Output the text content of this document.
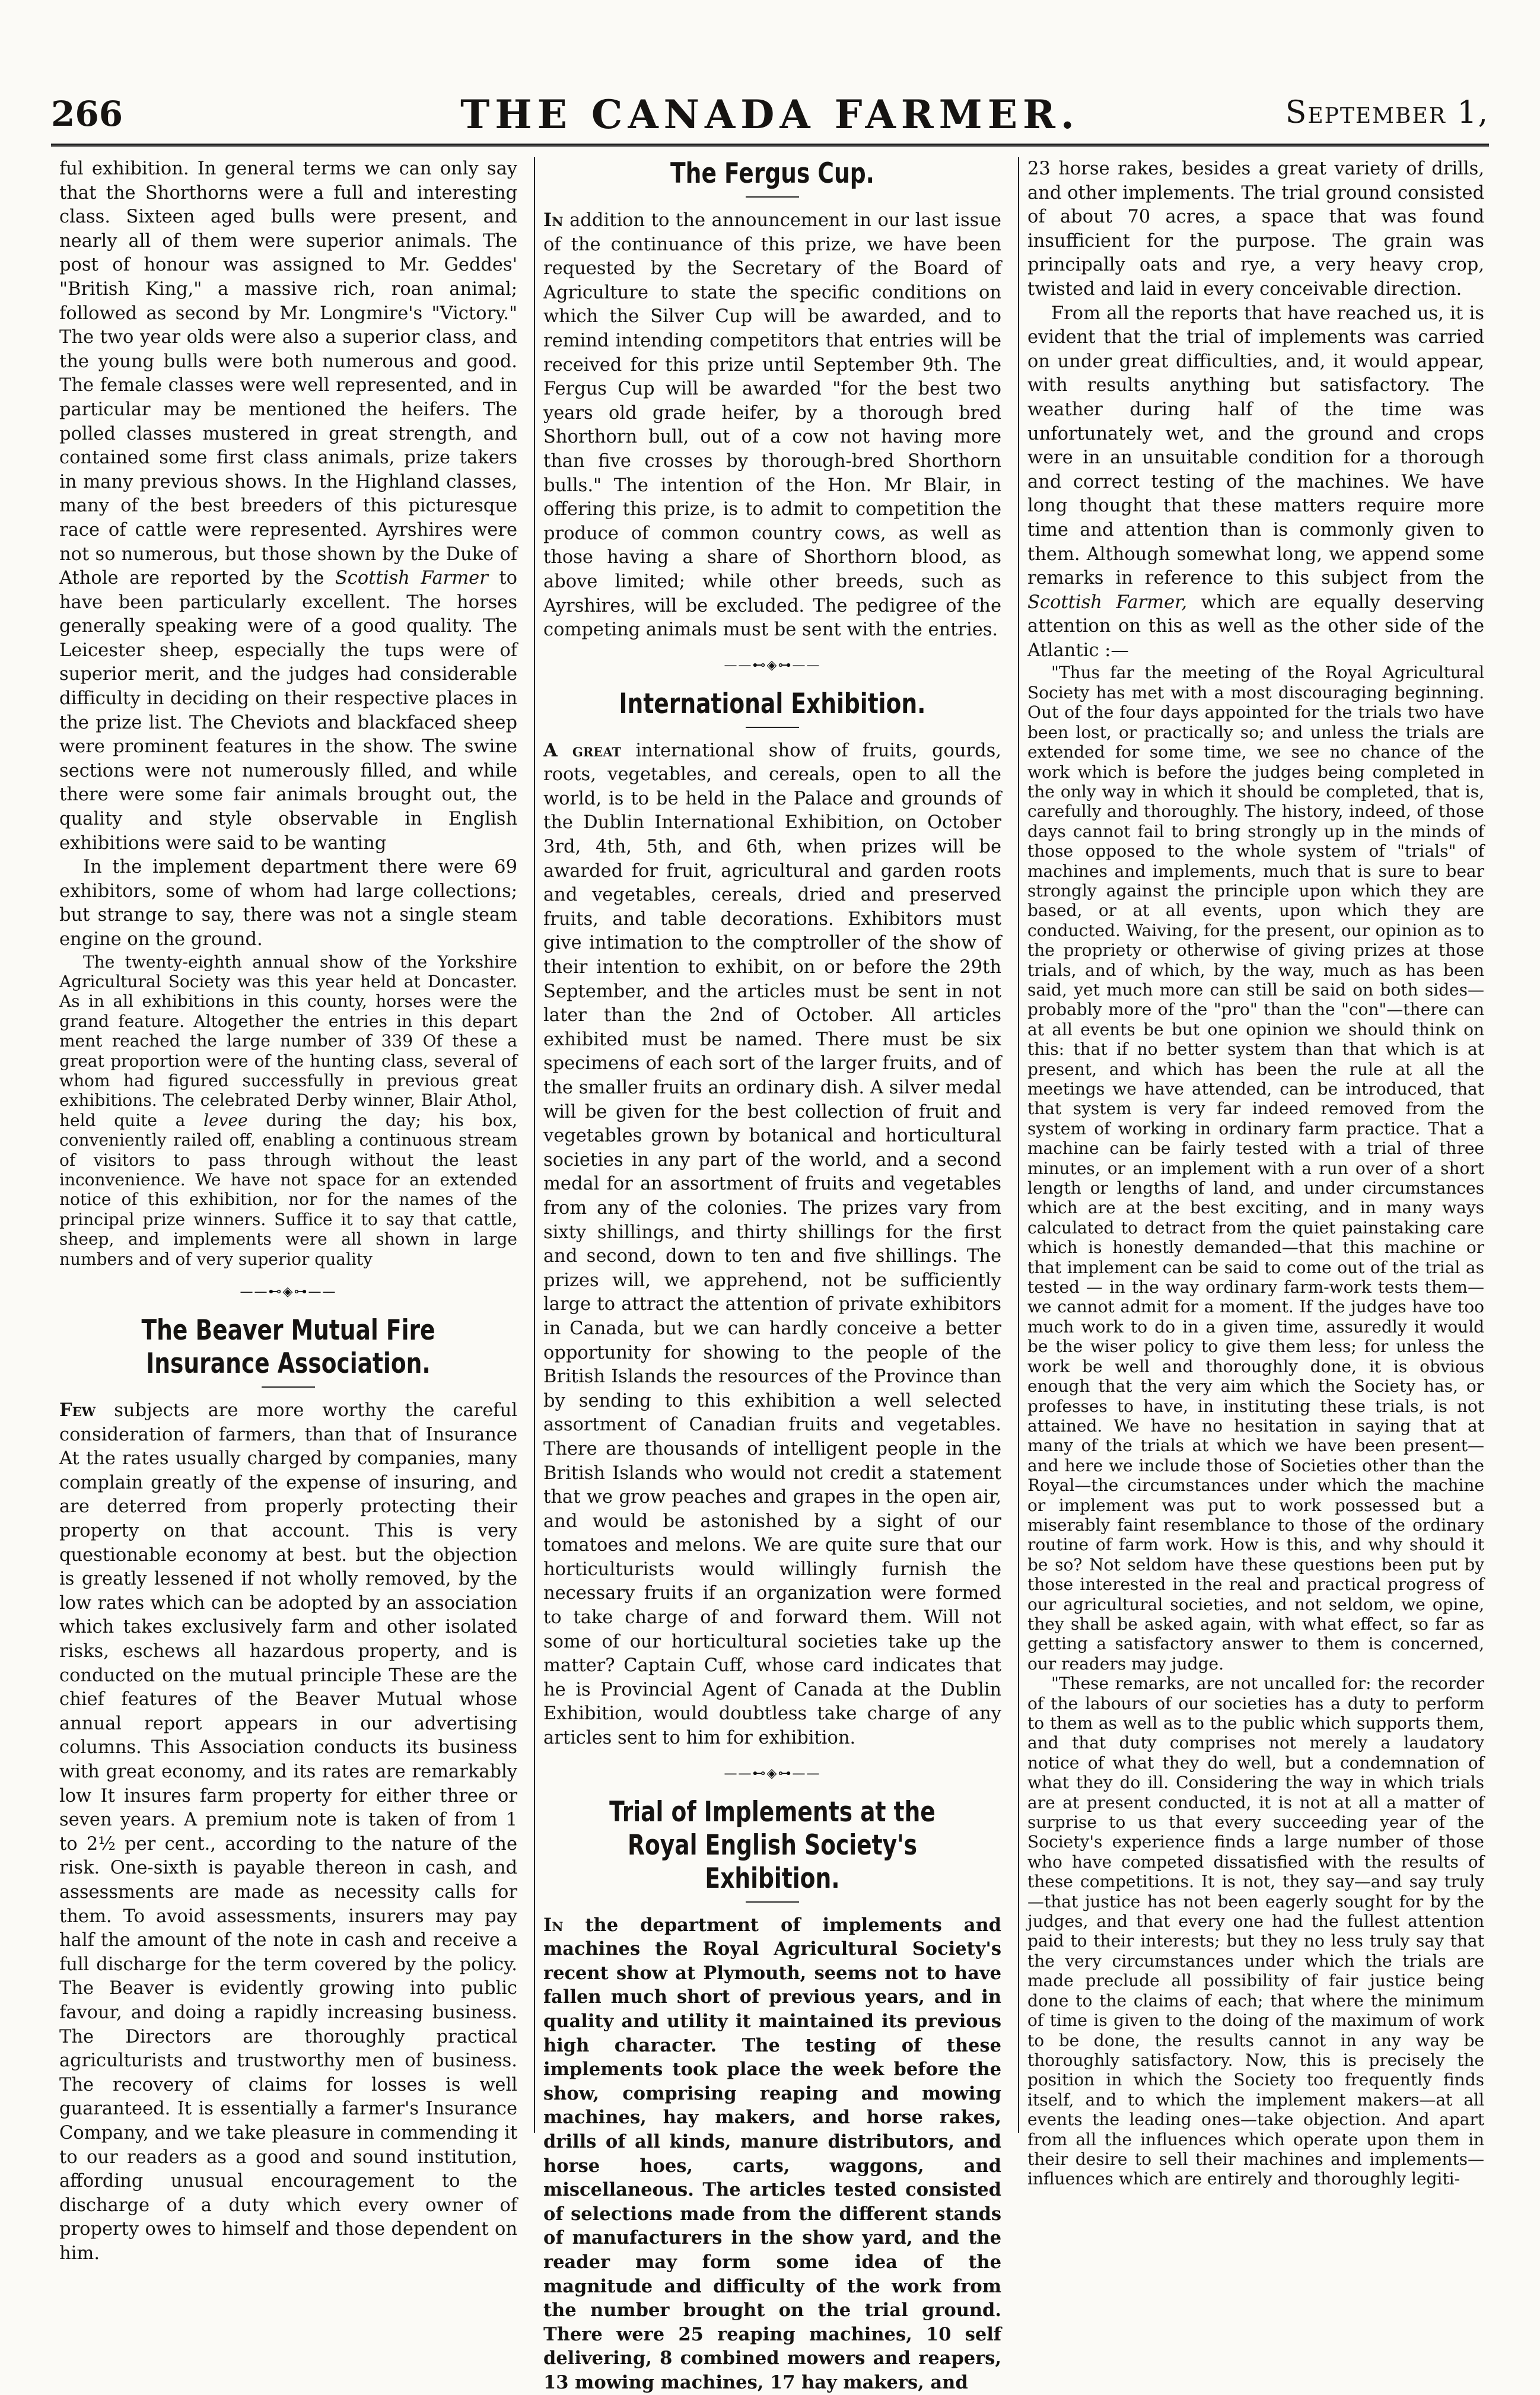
266	THE CANADA FARMER.	September 1,

ful exhibition. In general terms we can only say that the Shorthorns were a full and interesting class. Sixteen aged bulls were present, and nearly all of them were superior animals. The post of honour was assigned to Mr. Geddes' "British King," a massive rich, roan animal; followed as second by Mr. Longmire's "Victory." The two year olds were also a superior class, and the young bulls were both numerous and good. The female classes were well represented, and in particular may be mentioned the heifers. The polled classes mustered in great strength, and contained some first class animals, prize takers in many previous shows. In the Highland classes, many of the best breeders of this picturesque race of cattle were represented. Ayrshires were not so numerous, but those shown by the Duke of Athole are reported by the Scottish Farmer to have been particularly excellent. The horses generally speaking were of a good quality. The Leicester sheep, especially the tups were of superior merit, and the judges had considerable difficulty in deciding on their respective places in the prize list. The Cheviots and blackfaced sheep were prominent features in the show. The swine sections were not numerously filled, and while there were some fair animals brought out, the quality and style observable in English exhibitions were said to be wanting

In the implement department there were 69 exhibitors, some of whom had large collections; but strange to say, there was not a single steam engine on the ground.

The twenty-eighth annual show of the Yorkshire Agricultural Society was this year held at Doncaster. As in all exhibitions in this county, horses were the grand feature. Altogether the entries in this depart ment reached the large number of 339 Of these a great proportion were of the hunting class, several of whom had figured successfully in previous great exhibitions. The celebrated Derby winner, Blair Athol, held quite a levee during the day; his box, conveniently railed off, enabling a continuous stream of visitors to pass through without the least inconvenience. We have not space for an extended notice of this exhibition, nor for the names of the principal prize winners. Suffice it to say that cattle, sheep, and implements were all shown in large numbers and of very superior quality

——⊷◈⊶——
The Beaver Mutual Fire Insurance Association.

Few subjects are more worthy the careful consideration of farmers, than that of Insurance At the rates usually charged by companies, many complain greatly of the expense of insuring, and are deterred from properly protecting their property on that account. This is very questionable economy at best. but the objection is greatly lessened if not wholly removed, by the low rates which can be adopted by an association which takes exclusively farm and other isolated risks, eschews all hazardous property, and is conducted on the mutual principle These are the chief features of the Beaver Mutual whose annual report appears in our advertising columns. This Association conducts its business with great economy, and its rates are remarkably low It insures farm property for either three or seven years. A premium note is taken of from 1 to 2½ per cent., according to the nature of the risk. One-sixth is payable thereon in cash, and assessments are made as necessity calls for them. To avoid assessments, insurers may pay half the amount of the note in cash and receive a full discharge for the term covered by the policy. The Beaver is evidently growing into public favour, and doing a rapidly increasing business. The Directors are thoroughly practical agriculturists and trustworthy men of business. The recovery of claims for losses is well guaranteed. It is essentially a farmer's Insurance Company, and we take pleasure in commending it to our readers as a good and sound institution, affording unusual encouragement to the discharge of a duty which every owner of property owes to himself and those dependent on him.

The Fergus Cup.

In addition to the announcement in our last issue of the continuance of this prize, we have been requested by the Secretary of the Board of Agriculture to state the specific conditions on which the Silver Cup will be awarded, and to remind intending competitors that entries will be received for this prize until September 9th. The Fergus Cup will be awarded "for the best two years old grade heifer, by a thorough bred Shorthorn bull, out of a cow not having more than five crosses by thorough-bred Shorthorn bulls." The intention of the Hon. Mr Blair, in offering this prize, is to admit to competition the produce of common country cows, as well as those having a share of Shorthorn blood, as above limited; while other breeds, such as Ayrshires, will be excluded. The pedigree of the competing animals must be sent with the entries.

——⊷◈⊶——
International Exhibition.

A great international show of fruits, gourds, roots, vegetables, and cereals, open to all the world, is to be held in the Palace and grounds of the Dublin International Exhibition, on October 3rd, 4th, 5th, and 6th, when prizes will be awarded for fruit, agricultural and garden roots and vegetables, cereals, dried and preserved fruits, and table decorations. Exhibitors must give intimation to the comptroller of the show of their intention to exhibit, on or before the 29th September, and the articles must be sent in not later than the 2nd of October. All articles exhibited must be named. There must be six specimens of each sort of the larger fruits, and of the smaller fruits an ordinary dish. A silver medal will be given for the best collection of fruit and vegetables grown by botanical and horticultural societies in any part of the world, and a second medal for an assortment of fruits and vegetables from any of the colonies. The prizes vary from sixty shillings, and thirty shillings for the first and second, down to ten and five shillings. The prizes will, we apprehend, not be sufficiently large to attract the attention of private exhibitors in Canada, but we can hardly conceive a better opportunity for showing to the people of the British Islands the resources of the Province than by sending to this exhibition a well selected assortment of Canadian fruits and vegetables. There are thousands of intelligent people in the British Islands who would not credit a statement that we grow peaches and grapes in the open air, and would be astonished by a sight of our tomatoes and melons. We are quite sure that our horticulturists would willingly furnish the necessary fruits if an organization were formed to take charge of and forward them. Will not some of our horticultural societies take up the matter? Captain Cuff, whose card indicates that he is Provincial Agent of Canada at the Dublin Exhibition, would doubtless take charge of any articles sent to him for exhibition.

——⊷◈⊶——
Trial of Implements at the Royal English Society's Exhibition.

In the department of implements and machines the Royal Agricultural Society's recent show at Plymouth, seems not to have fallen much short of previous years, and in quality and utility it maintained its previous high character. The testing of these implements took place the week before the show, comprising reaping and mowing machines, hay makers, and horse rakes, drills of all kinds, manure distributors, and horse hoes, carts, waggons, and miscellaneous. The articles tested consisted of selections made from the different stands of manufacturers in the show yard, and the reader may form some idea of the magnitude and difficulty of the work from the number brought on the trial ground. There were 25 reaping machines, 10 self delivering, 8 combined mowers and reapers, 13 mowing machines, 17 hay makers, and

23 horse rakes, besides a great variety of drills, and other implements. The trial ground consisted of about 70 acres, a space that was found insufficient for the purpose. The grain was principally oats and rye, a very heavy crop, twisted and laid in every conceivable direction.

From all the reports that have reached us, it is evident that the trial of implements was carried on under great difficulties, and, it would appear, with results anything but satisfactory. The weather during half of the time was unfortunately wet, and the ground and crops were in an unsuitable condition for a thorough and correct testing of the machines. We have long thought that these matters require more time and attention than is commonly given to them. Although somewhat long, we append some remarks in reference to this subject from the Scottish Farmer, which are equally deserving attention on this as well as the other side of the Atlantic :—

"Thus far the meeting of the Royal Agricultural Society has met with a most discouraging beginning. Out of the four days appointed for the trials two have been lost, or practically so; and unless the trials are extended for some time, we see no chance of the work which is before the judges being completed in the only way in which it should be completed, that is, carefully and thoroughly. The history, indeed, of those days cannot fail to bring strongly up in the minds of those opposed to the whole system of "trials" of machines and implements, much that is sure to bear strongly against the principle upon which they are based, or at all events, upon which they are conducted. Waiving, for the present, our opinion as to the propriety or otherwise of giving prizes at those trials, and of which, by the way, much as has been said, yet much more can still be said on both sides—probably more of the "pro" than the "con"—there can at all events be but one opinion we should think on this: that if no better system than that which is at present, and which has been the rule at all the meetings we have attended, can be introduced, that that system is very far indeed removed from the system of working in ordinary farm practice. That a machine can be fairly tested with a trial of three minutes, or an implement with a run over of a short length or lengths of land, and under circumstances which are at the best exciting, and in many ways calculated to detract from the quiet painstaking care which is honestly demanded—that this machine or that implement can be said to come out of the trial as tested — in the way ordinary farm-work tests them—we cannot admit for a moment. If the judges have too much work to do in a given time, assuredly it would be the wiser policy to give them less; for unless the work be well and thoroughly done, it is obvious enough that the very aim which the Society has, or professes to have, in instituting these trials, is not attained. We have no hesitation in saying that at many of the trials at which we have been present—and here we include those of Societies other than the Royal—the circumstances under which the machine or implement was put to work possessed but a miserably faint resemblance to those of the ordinary routine of farm work. How is this, and why should it be so? Not seldom have these questions been put by those interested in the real and practical progress of our agricultural societies, and not seldom, we opine, they shall be asked again, with what effect, so far as getting a satisfactory answer to them is concerned, our readers may judge.

"These remarks, are not uncalled for: the recorder of the labours of our societies has a duty to perform to them as well as to the public which supports them, and that duty comprises not merely a laudatory notice of what they do well, but a condemnation of what they do ill. Considering the way in which trials are at present conducted, it is not at all a matter of surprise to us that every succeeding year of the Society's experience finds a large number of those who have competed dissatisfied with the results of these competitions. It is not, they say—and say truly—that justice has not been eagerly sought for by the judges, and that every one had the fullest attention paid to their interests; but they no less truly say that the very circumstances under which the trials are made preclude all possibility of fair justice being done to the claims of each; that where the minimum of time is given to the doing of the maximum of work to be done, the results cannot in any way be thoroughly satisfactory. Now, this is precisely the position in which the Society too frequently finds itself, and to which the implement makers—at all events the leading ones—take objection. And apart from all the influences which operate upon them in their desire to sell their machines and implements—influences which are entirely and thoroughly legiti-
